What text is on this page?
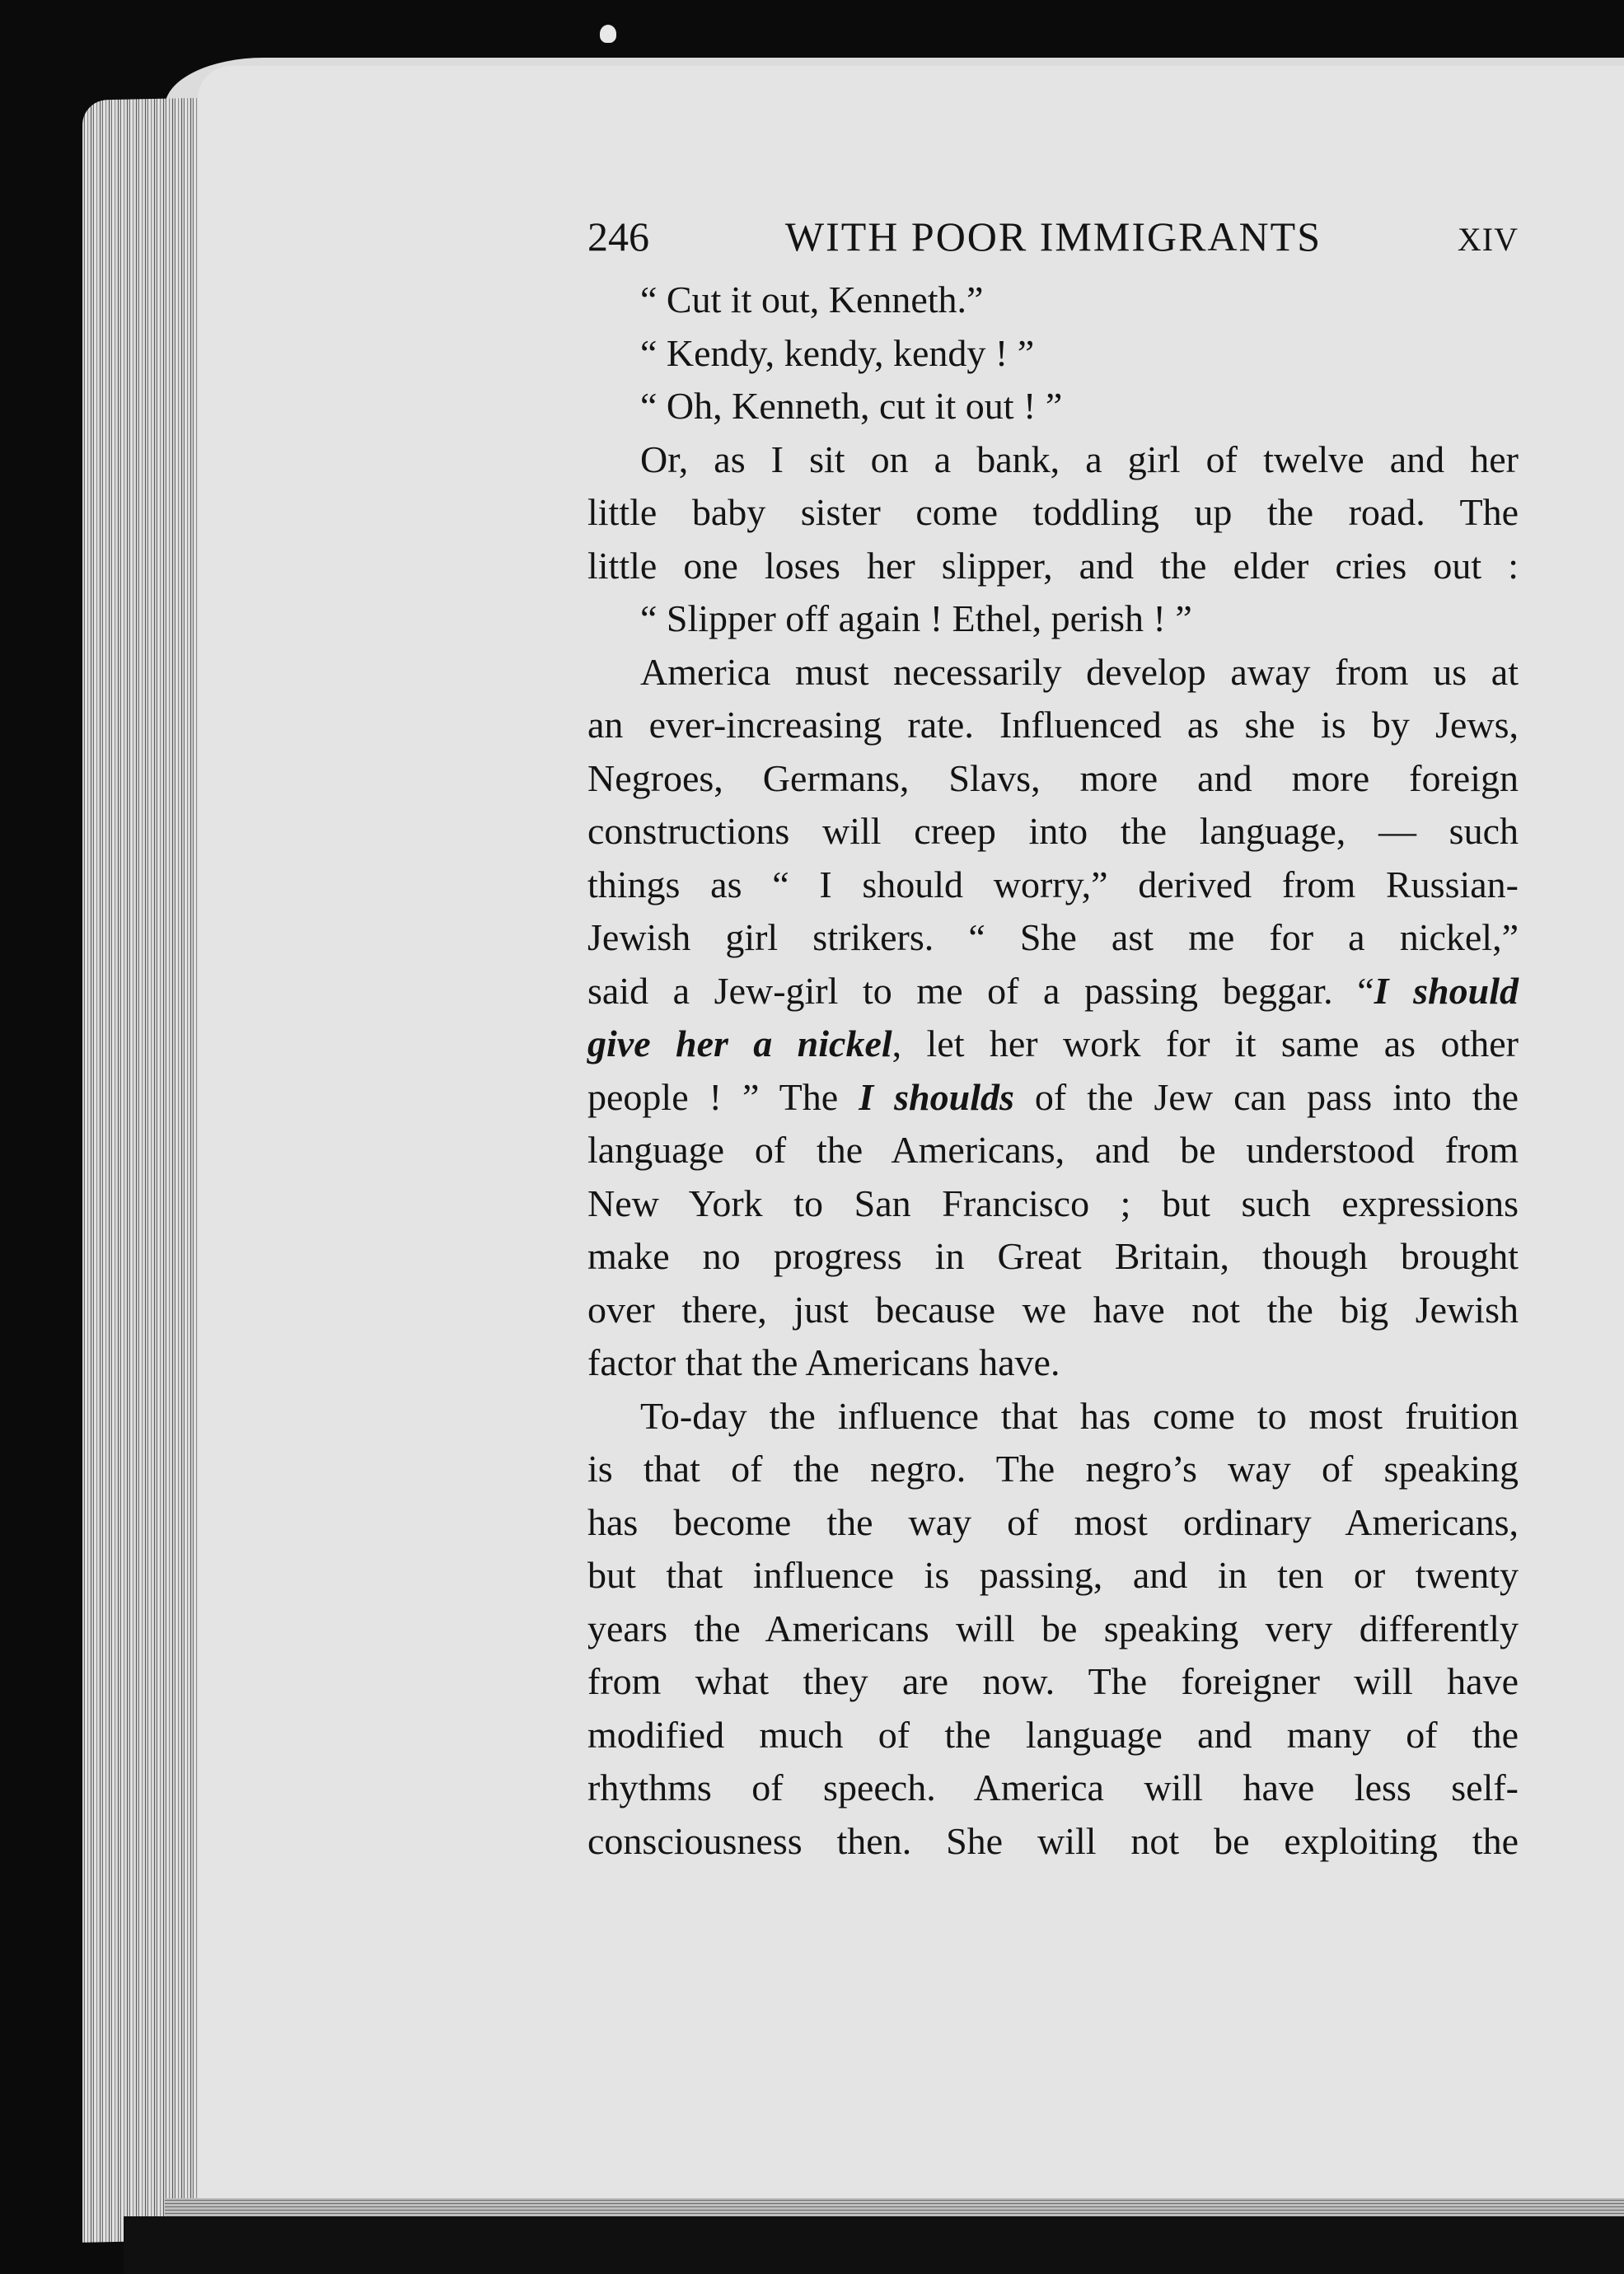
246	WITH POOR IMMIGRANTS	XIV
“ Cut it out, Kenneth.”
“ Kendy, kendy, kendy ! ”
“ Oh, Kenneth, cut it out ! ”
Or, as I sit on a bank, a girl of twelve and her
little baby sister come toddling up the road. The
little one loses her slipper, and the elder cries out :
“ Slipper off again ! Ethel, perish ! ”
America must necessarily develop away from us at
an ever-increasing rate. Influenced as she is by Jews,
Negroes, Germans, Slavs, more and more foreign
constructions will creep into the language, — such
things as “ I should worry,” derived from Russian-
Jewish girl strikers. “ She ast me for a nickel,”
said a Jew-girl to me of a passing beggar. “I should
give her a nickel, let her work for it same as other
people ! ” The I shoulds of the Jew can pass into the
language of the Americans, and be understood from
New York to San Francisco ; but such expressions
make no progress in Great Britain, though brought
over there, just because we have not the big Jewish
factor that the Americans have.
To-day the influence that has come to most fruition
is that of the negro. The negro’s way of speaking
has become the way of most ordinary Americans,
but that influence is passing, and in ten or twenty
years the Americans will be speaking very differently
from what they are now. The foreigner will have
modified much of the language and many of the
rhythms of speech. America will have less self-
consciousness then. She will not be exploiting the
